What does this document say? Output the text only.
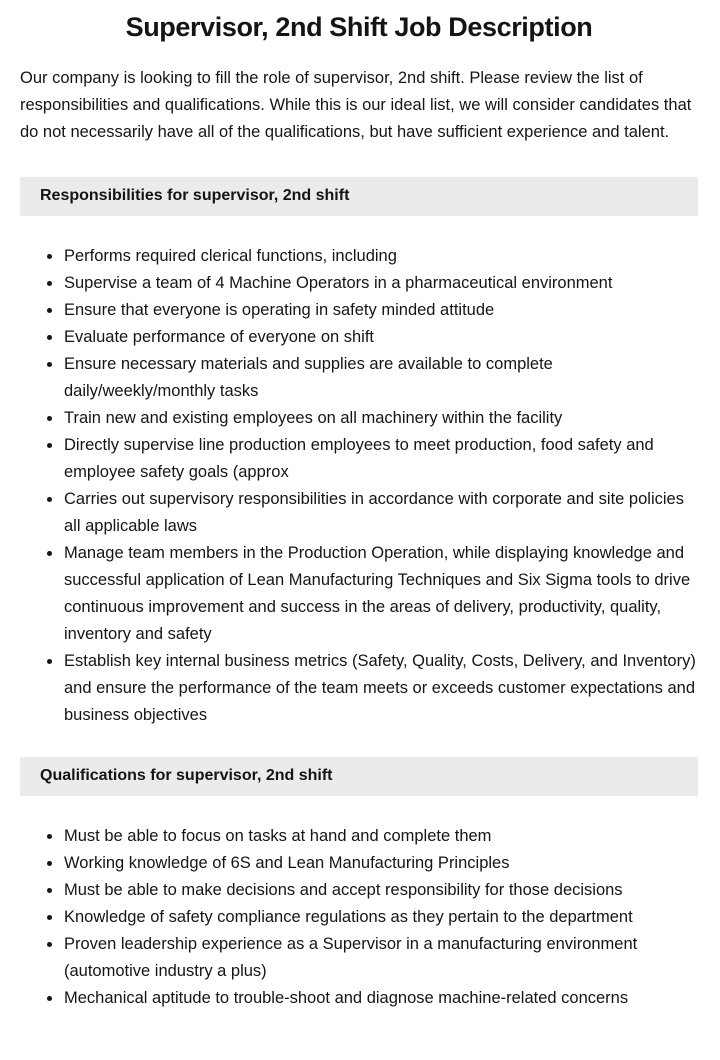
Supervisor, 2nd Shift Job Description

Our company is looking to fill the role of supervisor, 2nd shift. Please review the list of responsibilities and qualifications. While this is our ideal list, we will consider candidates that do not necessarily have all of the qualifications, but have sufficient experience and talent.

Responsibilities for supervisor, 2nd shift
• Performs required clerical functions, including
• Supervise a team of 4 Machine Operators in a pharmaceutical environment
• Ensure that everyone is operating in safety minded attitude
• Evaluate performance of everyone on shift
• Ensure necessary materials and supplies are available to complete daily/weekly/monthly tasks
• Train new and existing employees on all machinery within the facility
• Directly supervise line production employees to meet production, food safety and employee safety goals (approx
• Carries out supervisory responsibilities in accordance with corporate and site policies all applicable laws
• Manage team members in the Production Operation, while displaying knowledge and successful application of Lean Manufacturing Techniques and Six Sigma tools to drive continuous improvement and success in the areas of delivery, productivity, quality, inventory and safety
• Establish key internal business metrics (Safety, Quality, Costs, Delivery, and Inventory) and ensure the performance of the team meets or exceeds customer expectations and business objectives
Qualifications for supervisor, 2nd shift
• Must be able to focus on tasks at hand and complete them
• Working knowledge of 6S and Lean Manufacturing Principles
• Must be able to make decisions and accept responsibility for those decisions
• Knowledge of safety compliance regulations as they pertain to the department
• Proven leadership experience as a Supervisor in a manufacturing environment (automotive industry a plus)
• Mechanical aptitude to trouble-shoot and diagnose machine-related concerns
